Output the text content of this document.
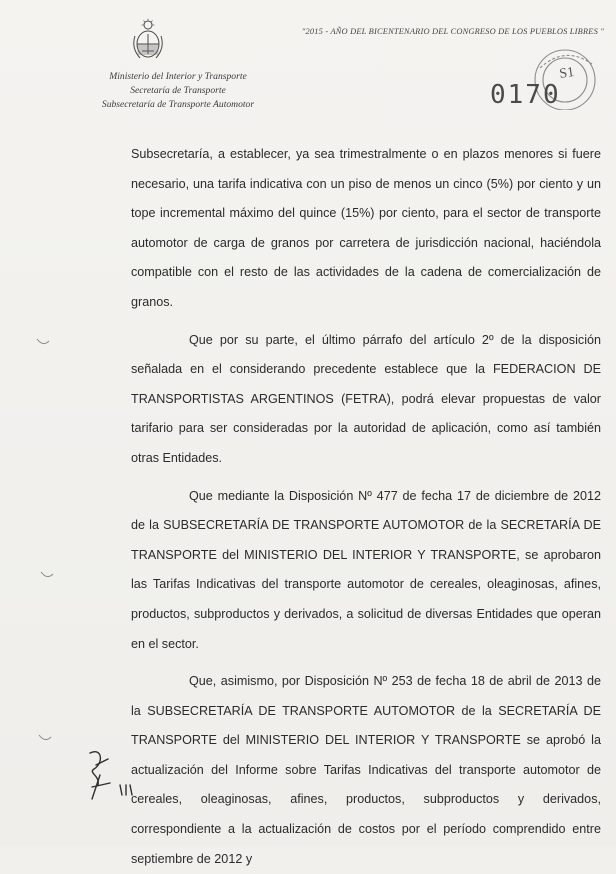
"2015 - AÑO DEL BICENTENARIO DEL CONGRESO DE LOS PUEBLOS LIBRES "
Ministerio del Interior y Transporte
Secretaría de Transporte
Subsecretaría de Transporte Automotor
S1
0170

Subsecretaría, a establecer, ya sea trimestralmente o en plazos menores si fuere necesario, una tarifa indicativa con un piso de menos un cinco (5%) por ciento y un tope incremental máximo del quince (15%) por ciento, para el sector de transporte automotor de carga de granos por carretera de jurisdicción nacional, haciéndola compatible con el resto de las actividades de la cadena de comercialización de granos.

Que por su parte, el último párrafo del artículo 2º de la disposición señalada en el considerando precedente establece que la FEDERACION DE TRANSPORTISTAS ARGENTINOS (FETRA), podrá elevar propuestas de valor tarifario para ser consideradas por la autoridad de aplicación, como así también otras Entidades.

Que mediante la Disposición Nº 477 de fecha 17 de diciembre de 2012 de la SUBSECRETARÍA DE TRANSPORTE AUTOMOTOR de la SECRETARÍA DE TRANSPORTE del MINISTERIO DEL INTERIOR Y TRANSPORTE, se aprobaron las Tarifas Indicativas del transporte automotor de cereales, oleaginosas, afines, productos, subproductos y derivados, a solicitud de diversas Entidades que operan en el sector.

Que, asimismo, por Disposición Nº 253 de fecha 18 de abril de 2013 de la SUBSECRETARÍA DE TRANSPORTE AUTOMOTOR de la SECRETARÍA DE TRANSPORTE del MINISTERIO DEL INTERIOR Y TRANSPORTE se aprobó la actualización del Informe sobre Tarifas Indicativas del transporte automotor de cereales, oleaginosas, afines, productos, subproductos y derivados, correspondiente a la actualización de costos por el período comprendido entre septiembre de 2012 y
